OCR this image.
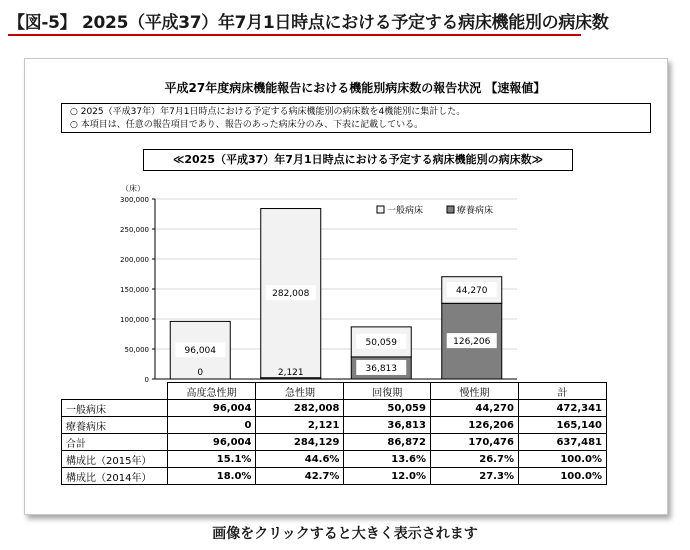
【図-5】 2025（平成37）年7月1日時点における予定する病床機能別の病床数
平成27年度病床機能報告における機能別病床数の報告状況 【速報値】
○ 2025（平成37年）年7月1日時点における予定する病床機能別の病床数を4機能別に集計した。
○ 本項目は、任意の報告項目であり、報告のあった病床分のみ、下表に記載している。
≪2025（平成37）年7月1日時点における予定する病床機能別の病床数≫
（床）
0
50,000
100,000
150,000
200,000
250,000
300,000
96,004
0
282,008
2,121
50,059
36,813
44,270
126,206
一般病床	療養病床
	高度急性期	急性期	回復期	慢性期	計
一般病床	96,004	282,008	50,059	44,270	472,341
療養病床	0	2,121	36,813	126,206	165,140
合計	96,004	284,129	86,872	170,476	637,481
構成比（2015年）	15.1%	44.6%	13.6%	26.7%	100.0%
構成比（2014年）	18.0%	42.7%	12.0%	27.3%	100.0%
画像をクリックすると大きく表示されます
